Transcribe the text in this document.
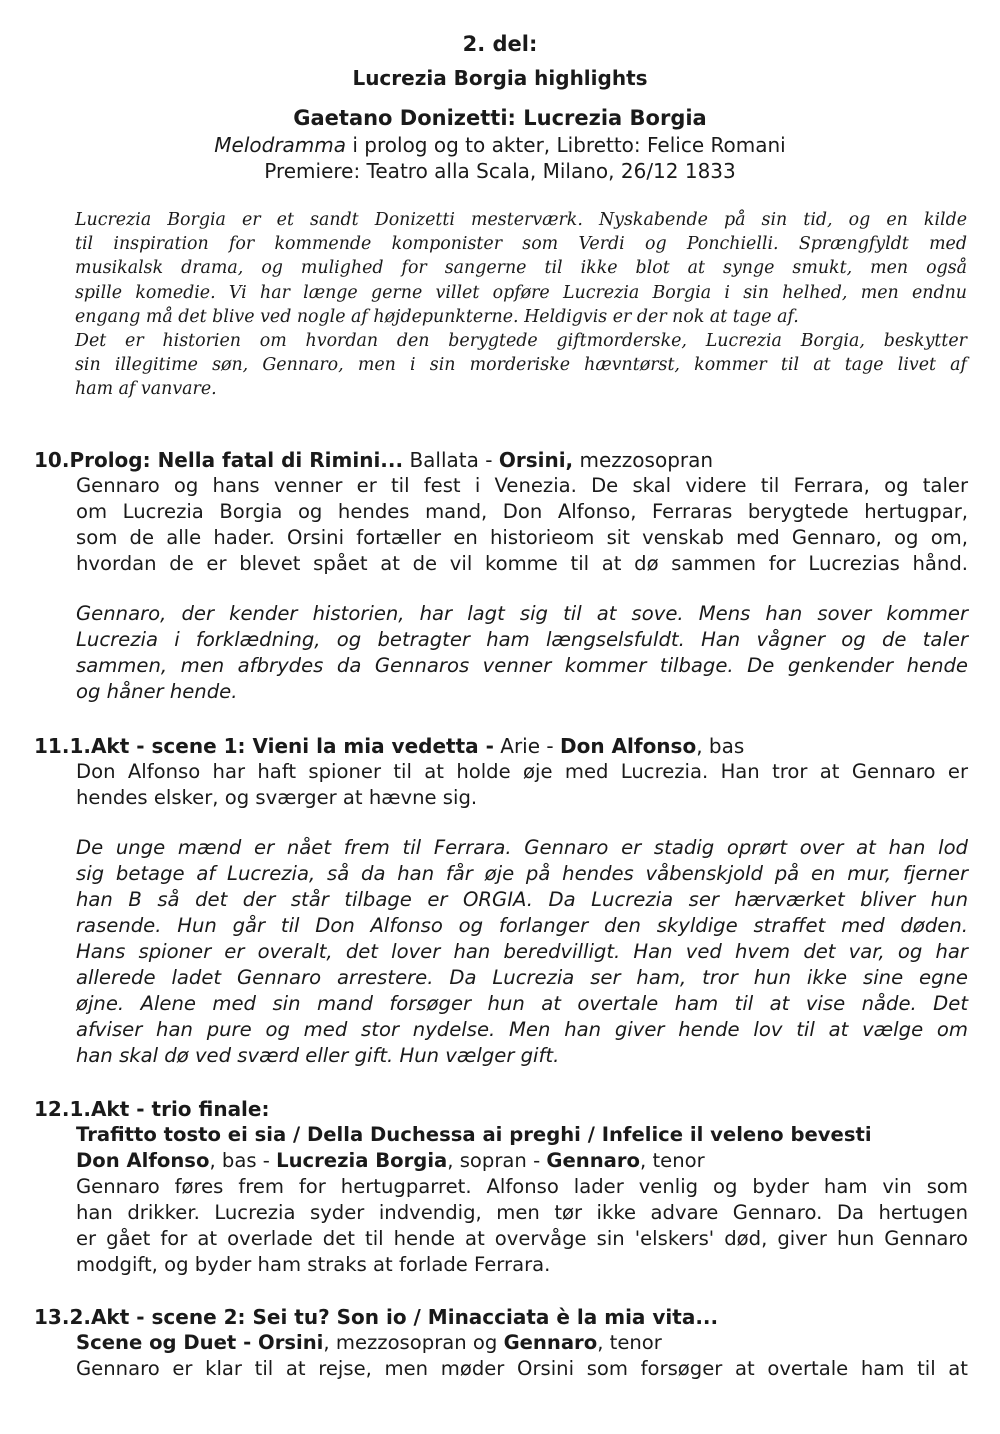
2. del:
Lucrezia Borgia highlights
Gaetano Donizetti: Lucrezia Borgia
Melodramma i prolog og to akter, Libretto: Felice Romani
Premiere: Teatro alla Scala, Milano, 26/12 1833
Lucrezia Borgia er et sandt Donizetti mesterværk. Nyskabende på sin tid, og en kilde
til inspiration for kommende komponister som Verdi og Ponchielli. Sprængfyldt med
musikalsk drama, og mulighed for sangerne til ikke blot at synge smukt, men også
spille komedie. Vi har længe gerne villet opføre Lucrezia Borgia i sin helhed, men endnu
engang må det blive ved nogle af højdepunkterne. Heldigvis er der nok at tage af.
Det er historien om hvordan den berygtede giftmorderske, Lucrezia Borgia, beskytter
sin illegitime søn, Gennaro, men i sin morderiske hævntørst, kommer til at tage livet af
ham af vanvare.
10.Prolog: Nella fatal di Rimini... Ballata - Orsini, mezzosopran
Gennaro og hans venner er til fest i Venezia. De skal videre til Ferrara, og taler
om Lucrezia Borgia og hendes mand, Don Alfonso, Ferraras berygtede hertugpar,
som de alle hader. Orsini fortæller en historieom sit venskab med Gennaro, og om,
hvordan de er blevet spået at de vil komme til at dø sammen for Lucrezias hånd.
Gennaro, der kender historien, har lagt sig til at sove. Mens han sover kommer
Lucrezia i forklædning, og betragter ham længselsfuldt. Han vågner og de taler
sammen, men afbrydes da Gennaros venner kommer tilbage. De genkender hende
og håner hende.
11.1.Akt - scene 1: Vieni la mia vedetta - Arie - Don Alfonso, bas
Don Alfonso har haft spioner til at holde øje med Lucrezia. Han tror at Gennaro er
hendes elsker, og sværger at hævne sig.
De unge mænd er nået frem til Ferrara. Gennaro er stadig oprørt over at han lod
sig betage af Lucrezia, så da han får øje på hendes våbenskjold på en mur, fjerner
han B så det der står tilbage er ORGIA. Da Lucrezia ser hærværket bliver hun
rasende. Hun går til Don Alfonso og forlanger den skyldige straffet med døden.
Hans spioner er overalt, det lover han beredvilligt. Han ved hvem det var, og har
allerede ladet Gennaro arrestere. Da Lucrezia ser ham, tror hun ikke sine egne
øjne. Alene med sin mand forsøger hun at overtale ham til at vise nåde. Det
afviser han pure og med stor nydelse. Men han giver hende lov til at vælge om
han skal dø ved sværd eller gift. Hun vælger gift.
12.1.Akt - trio finale:
Trafitto tosto ei sia / Della Duchessa ai preghi / Infelice il veleno bevesti
Don Alfonso, bas - Lucrezia Borgia, sopran - Gennaro, tenor
Gennaro føres frem for hertugparret. Alfonso lader venlig og byder ham vin som
han drikker. Lucrezia syder indvendig, men tør ikke advare Gennaro. Da hertugen
er gået for at overlade det til hende at overvåge sin 'elskers' død, giver hun Gennaro
modgift, og byder ham straks at forlade Ferrara.
13.2.Akt - scene 2: Sei tu? Son io / Minacciata è la mia vita...
Scene og Duet - Orsini, mezzosopran og Gennaro, tenor
Gennaro er klar til at rejse, men møder Orsini som forsøger at overtale ham til at
